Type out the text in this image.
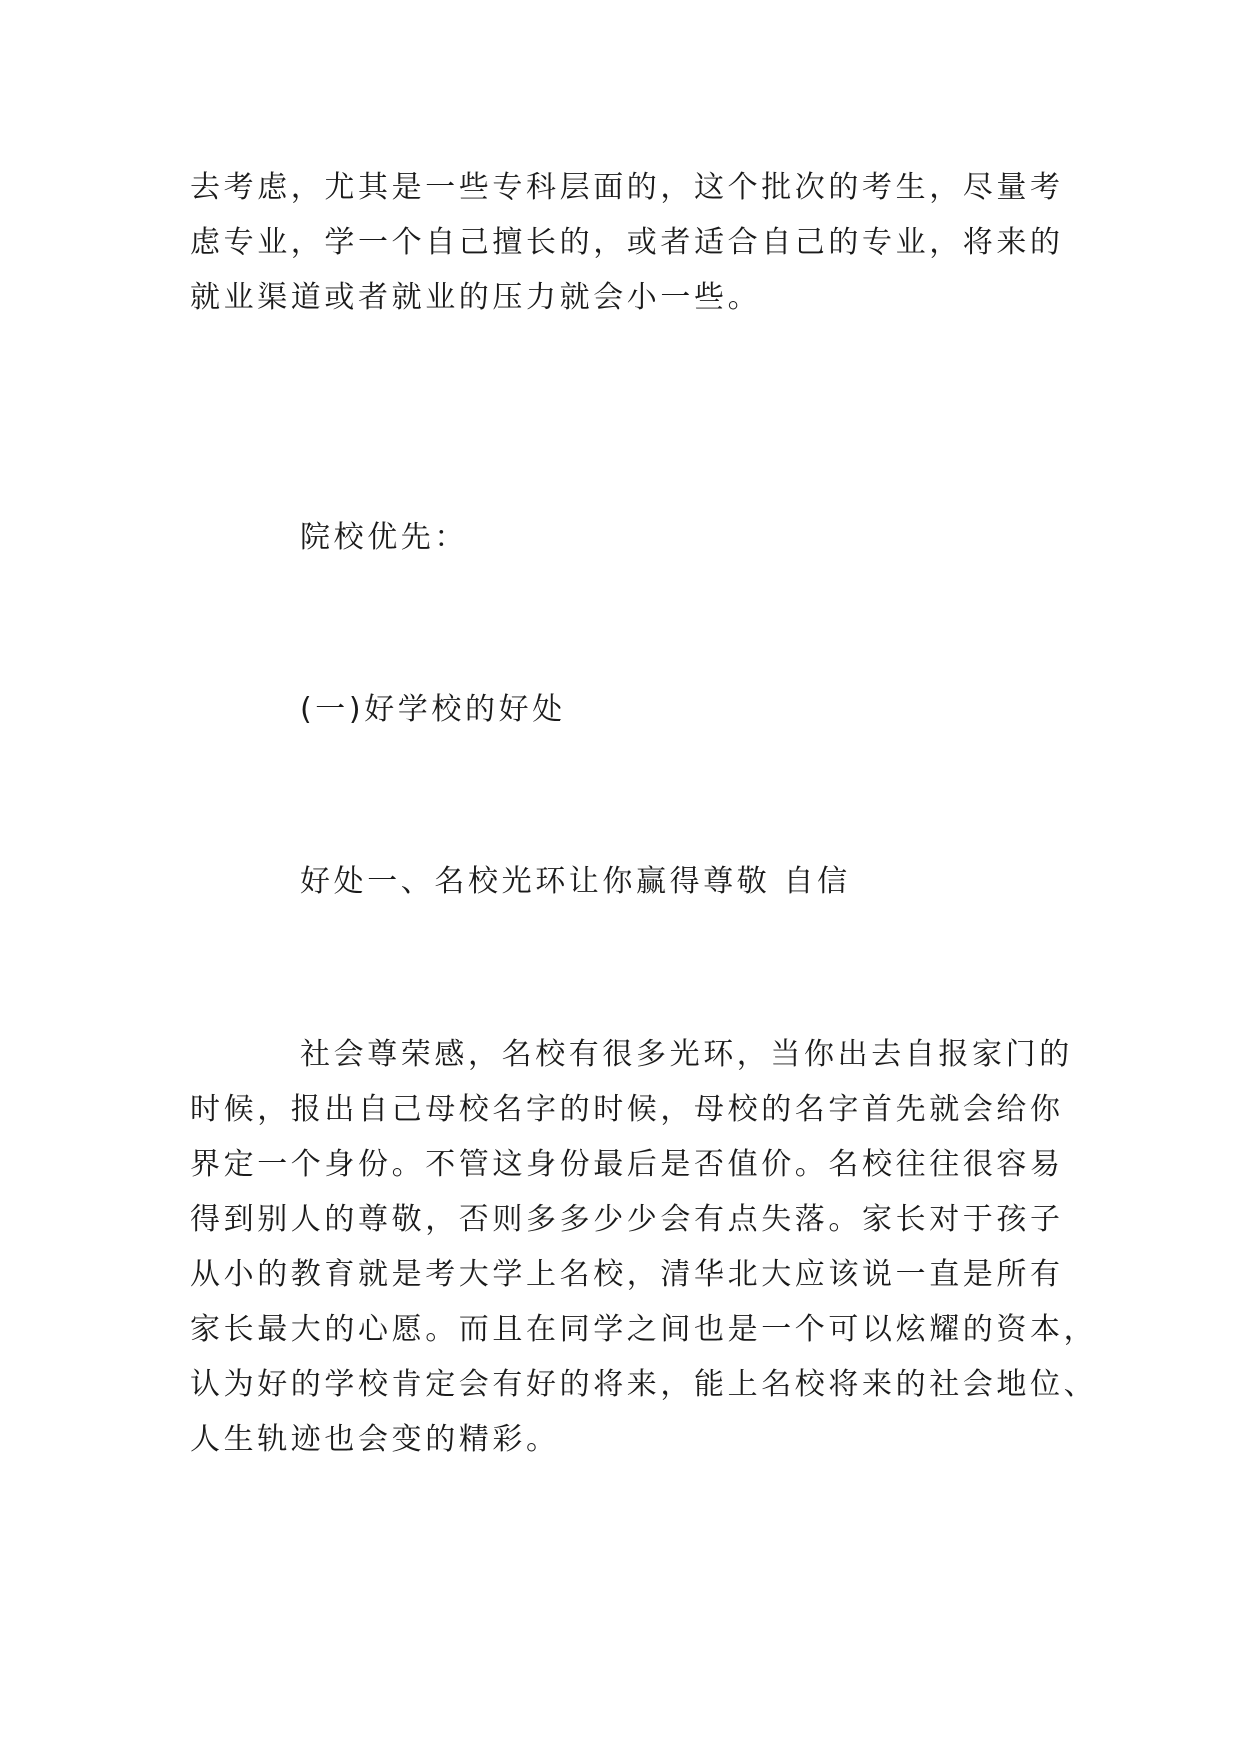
去考虑，尤其是一些专科层面的，这个批次的考生，尽量考
虑专业，学一个自己擅长的，或者适合自己的专业，将来的
就业渠道或者就业的压力就会小一些。
院校优先：
(一)好学校的好处
好处一、名校光环让你赢得尊敬 自信
社会尊荣感，名校有很多光环，当你出去自报家门的
时候，报出自己母校名字的时候，母校的名字首先就会给你
界定一个身份。不管这身份最后是否值价。名校往往很容易
得到别人的尊敬，否则多多少少会有点失落。家长对于孩子
从小的教育就是考大学上名校，清华北大应该说一直是所有
家长最大的心愿。而且在同学之间也是一个可以炫耀的资本，
认为好的学校肯定会有好的将来，能上名校将来的社会地位、
人生轨迹也会变的精彩。
